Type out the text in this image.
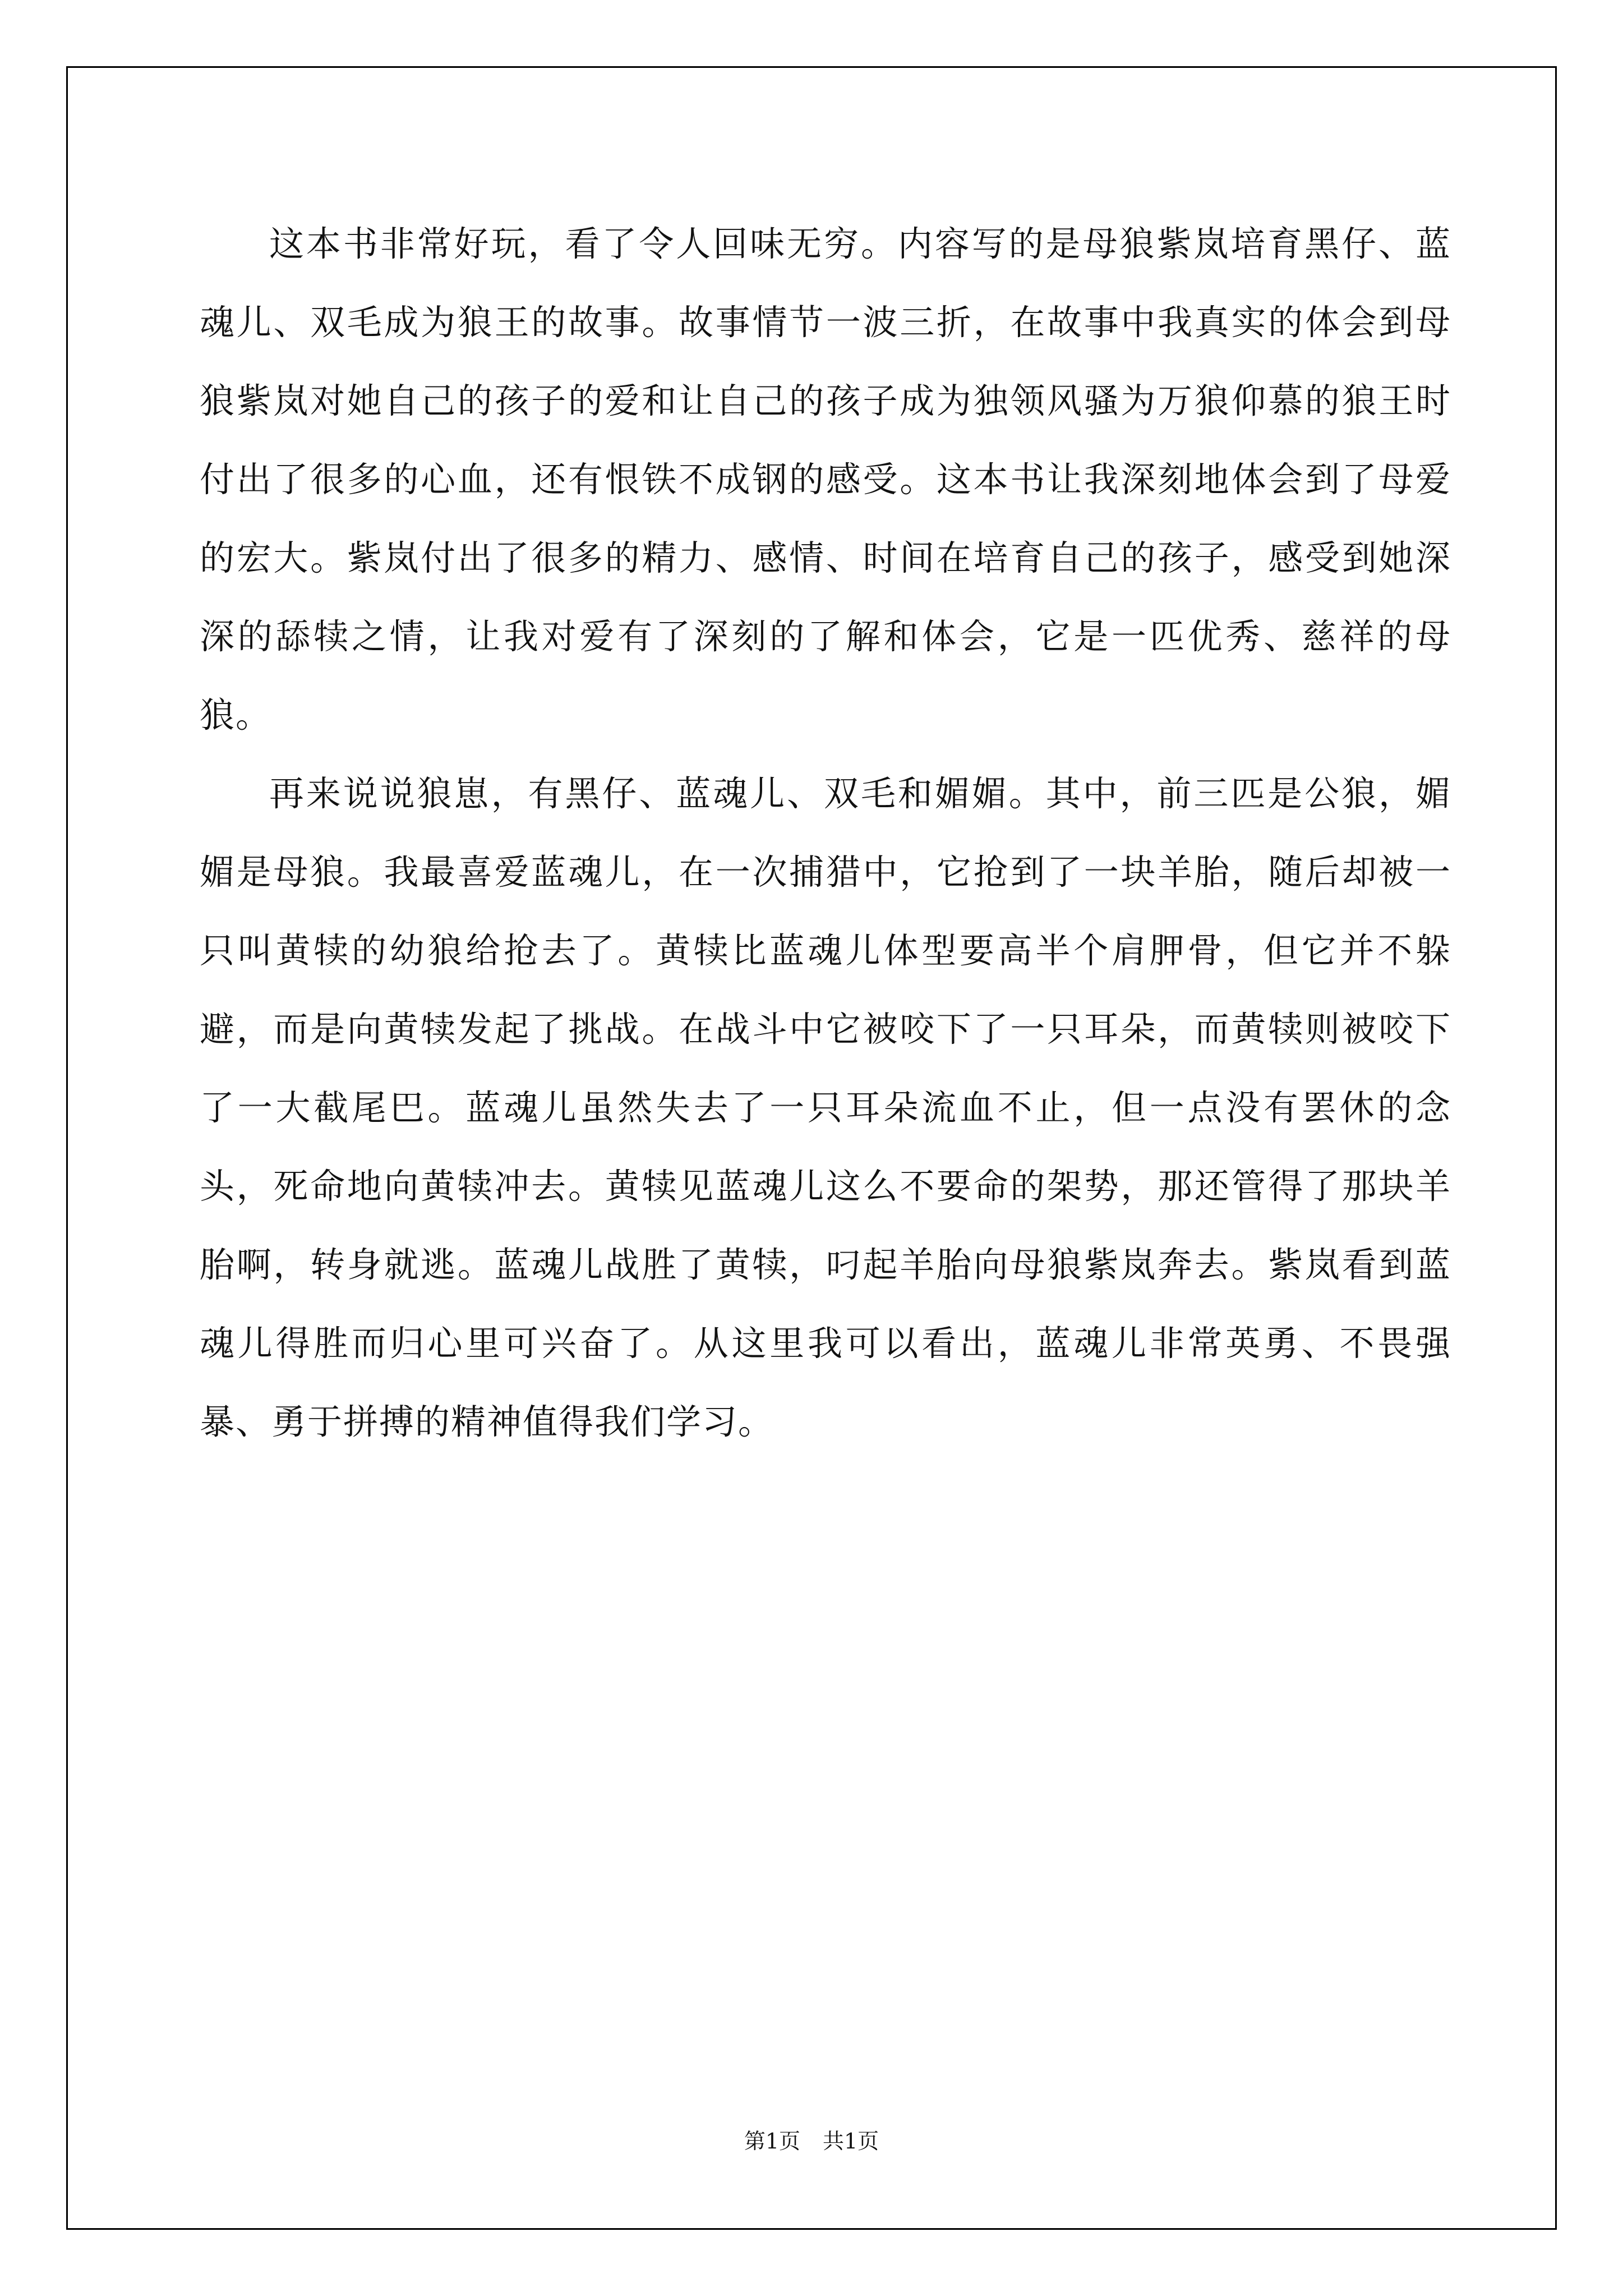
这本书非常好玩，看了令人回味无穷。内容写的是母狼紫岚培育黑仔、蓝魂儿、双毛成为狼王的故事。故事情节一波三折，在故事中我真实的体会到母狼紫岚对她自己的孩子的爱和让自己的孩子成为独领风骚为万狼仰慕的狼王时付出了很多的心血，还有恨铁不成钢的感受。这本书让我深刻地体会到了母爱的宏大。紫岚付出了很多的精力、感情、时间在培育自己的孩子，感受到她深深的舔犊之情，让我对爱有了深刻的了解和体会，它是一匹优秀、慈祥的母狼。

再来说说狼崽，有黑仔、蓝魂儿、双毛和媚媚。其中，前三匹是公狼，媚媚是母狼。我最喜爱蓝魂儿，在一次捕猎中，它抢到了一块羊胎，随后却被一只叫黄犊的幼狼给抢去了。黄犊比蓝魂儿体型要高半个肩胛骨，但它并不躲避，而是向黄犊发起了挑战。在战斗中它被咬下了一只耳朵，而黄犊则被咬下了一大截尾巴。蓝魂儿虽然失去了一只耳朵流血不止，但一点没有罢休的念头，死命地向黄犊冲去。黄犊见蓝魂儿这么不要命的架势，那还管得了那块羊胎啊，转身就逃。蓝魂儿战胜了黄犊，叼起羊胎向母狼紫岚奔去。紫岚看到蓝魂儿得胜而归心里可兴奋了。从这里我可以看出，蓝魂儿非常英勇、不畏强暴、勇于拼搏的精神值得我们学习。

第1页 共1页
